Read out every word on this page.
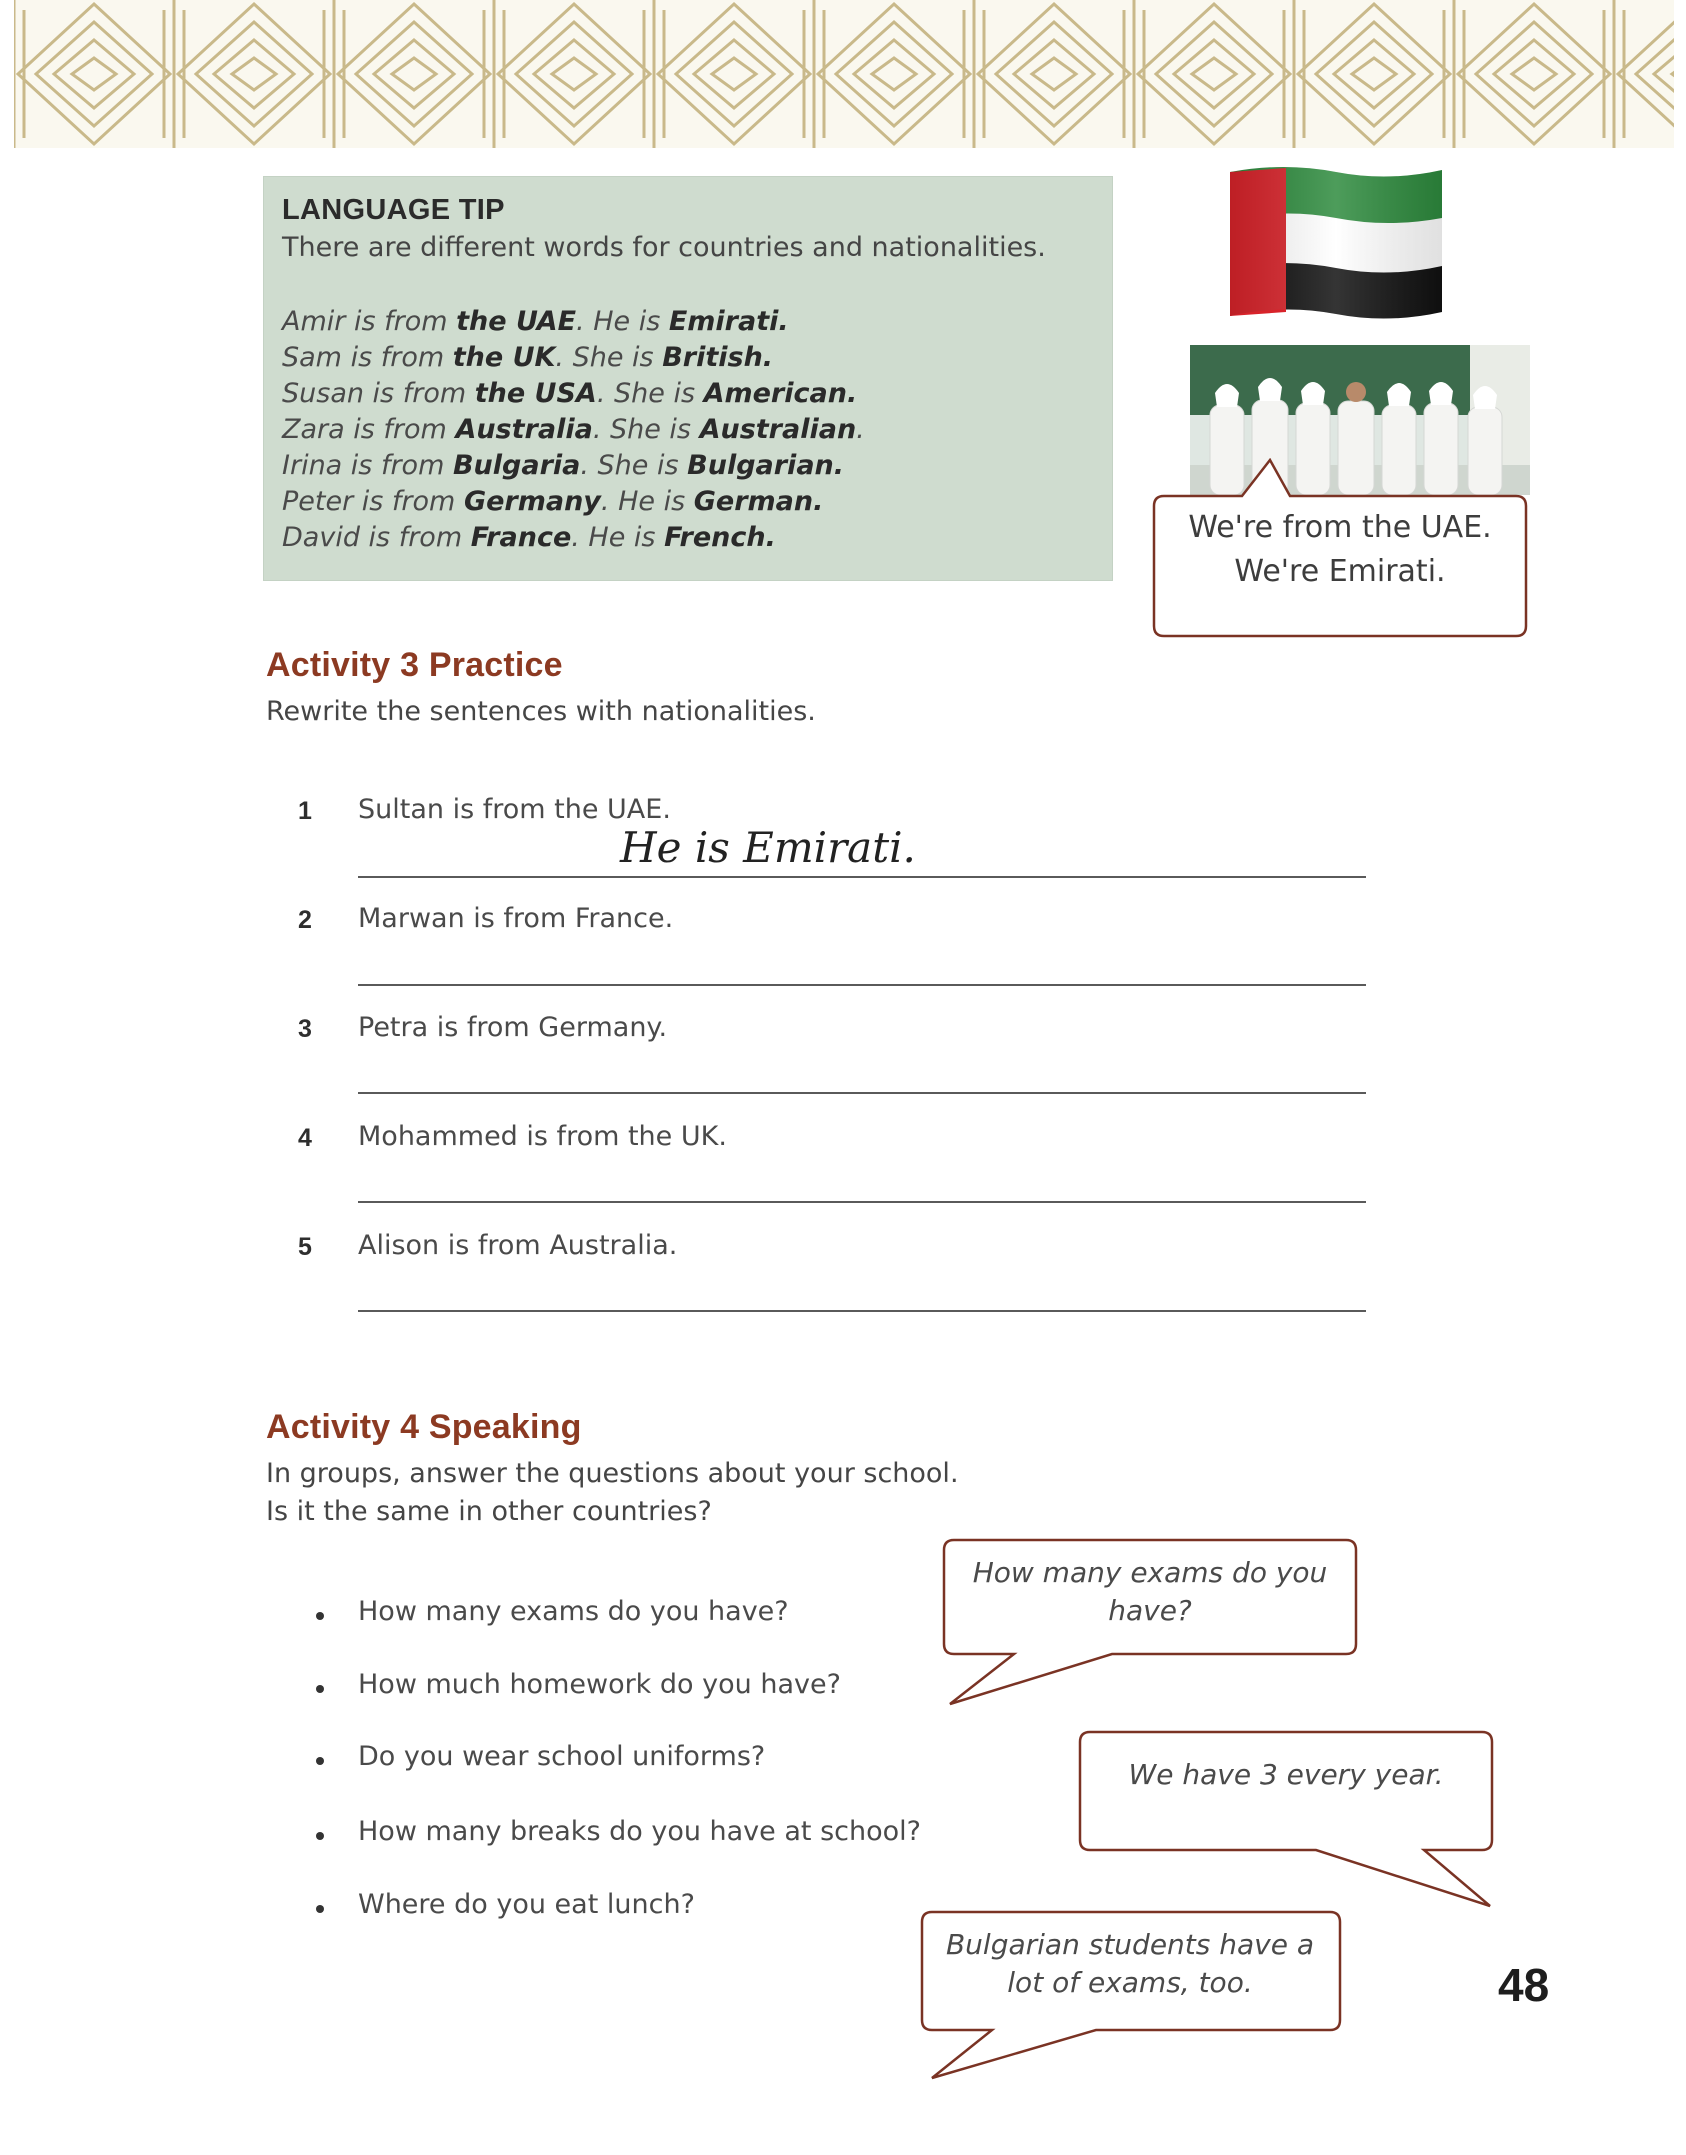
LANGUAGE TIP
There are different words for countries and nationalities.
Amir is from the UAE. He is Emirati.
Sam is from the UK. She is British.
Susan is from the USA. She is American.
Zara is from Australia. She is Australian.
Irina is from Bulgaria. She is Bulgarian.
Peter is from Germany. He is German.
David is from France. He is French.	We're from the UAE.
We're Emirati.
Activity 3 Practice
Rewrite the sentences with nationalities.
1 Sultan is from the UAE.
He is Emirati.
2 Marwan is from France.
3 Petra is from Germany.
4 Mohammed is from the UK.
5 Alison is from Australia.
Activity 4 Speaking
In groups, answer the questions about your school.
Is it the same in other countries?
How many exams do you have?
How much homework do you have?
Do you wear school uniforms?
How many breaks do you have at school?
Where do you eat lunch?
How many exams do you
have?
We have 3 every year.
Bulgarian students have a
lot of exams, too.	48
